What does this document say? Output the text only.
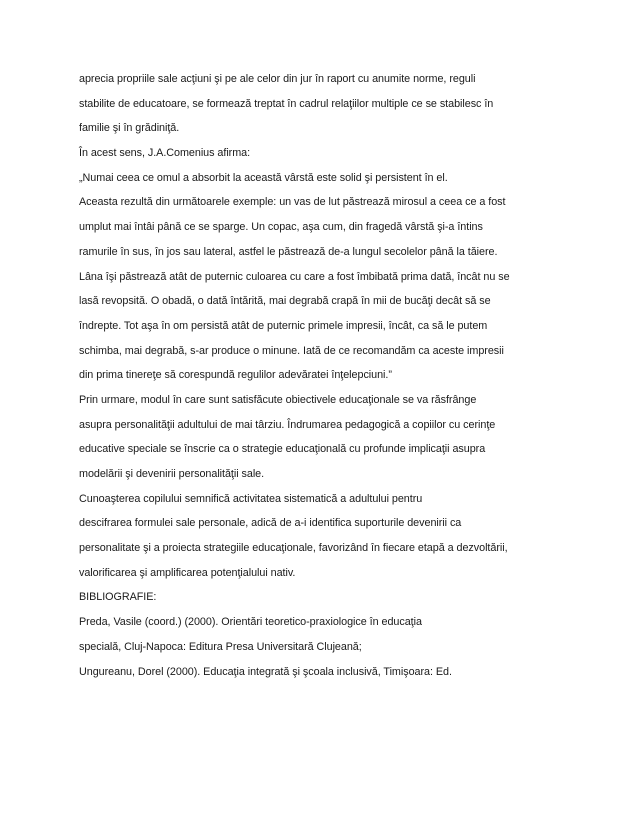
aprecia propriile sale acţiuni şi pe ale celor din jur în raport cu anumite norme, reguli
stabilite de educatoare, se formează treptat în cadrul relaţiilor multiple ce se stabilesc în
familie şi în grădiniţă.
În acest sens, J.A.Comenius afirma:
„Numai ceea ce omul a absorbit la această vârstă este solid şi persistent în el.
Aceasta rezultă din următoarele exemple: un vas de lut păstrează mirosul a ceea ce a fost
umplut mai întâi până ce se sparge. Un copac, aşa cum, din fragedă vârstă şi-a întins
ramurile în sus, în jos sau lateral, astfel le păstrează de-a lungul secolelor până la tăiere.
Lâna îşi păstrează atât de puternic culoarea cu care a fost îmbibată prima dată, încât nu se
lasă revopsită. O obadă, o dată întărită, mai degrabă crapă în mii de bucăţi decât să se
îndrepte. Tot aşa în om persistă atât de puternic primele impresii, încât, ca să le putem
schimba, mai degrabă, s-ar produce o minune. Iată de ce recomandăm ca aceste impresii
din prima tinereţe să corespundă regulilor adevăratei înţelepciuni.”
Prin urmare, modul în care sunt satisfăcute obiectivele educaţionale se va răsfrânge
asupra personalităţii adultului de mai târziu. Îndrumarea pedagogică a copiilor cu cerinţe
educative speciale se înscrie ca o strategie educaţională cu profunde implicaţii asupra
modelării şi devenirii personalităţii sale.
Cunoaşterea copilului semnifică activitatea sistematică a adultului pentru
descifrarea formulei sale personale, adică de a-i identifica suporturile devenirii ca
personalitate şi a proiecta strategiile educaţionale, favorizând în fiecare etapă a dezvoltării,
valorificarea şi amplificarea potenţialului nativ.
BIBLIOGRAFIE:
Preda, Vasile (coord.) (2000). Orientări teoretico-praxiologice în educaţia
specială, Cluj-Napoca: Editura Presa Universitară Clujeană;
Ungureanu, Dorel (2000). Educaţia integrată şi şcoala inclusivă, Timişoara: Ed.
